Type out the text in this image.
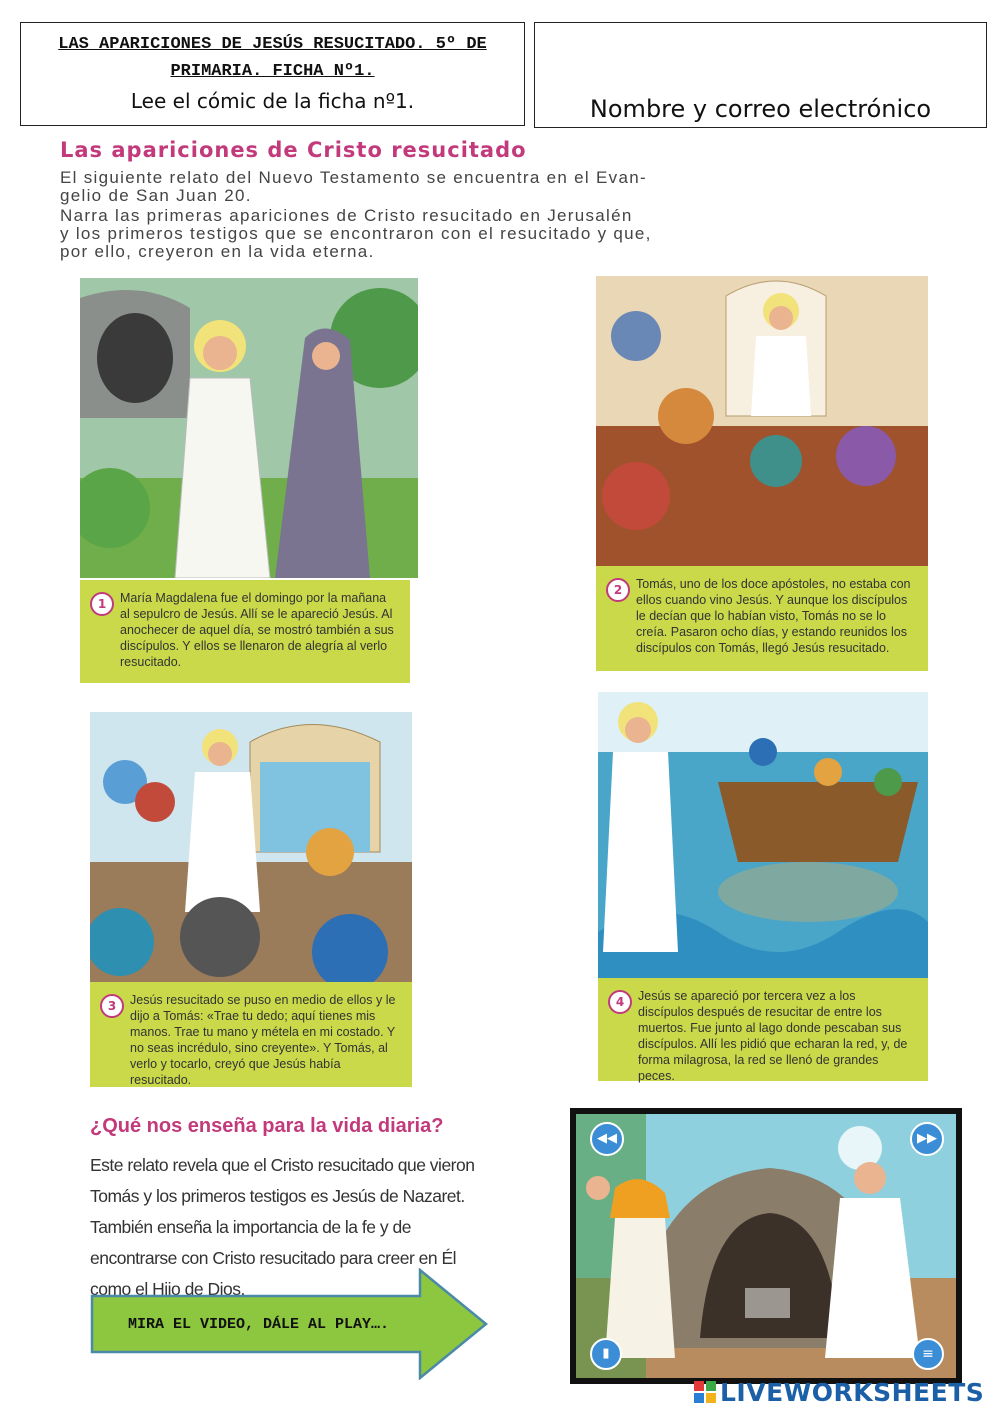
LAS APARICIONES DE JESÚS RESUCITADO. 5º DE PRIMARIA. FICHA Nº1.
Lee el cómic de la ficha nº1.	Nombre y correo electrónico
Las apariciones de Cristo resucitado
El siguiente relato del Nuevo Testamento se encuentra en el Evan-
gelio de San Juan 20.
Narra las primeras apariciones de Cristo resucitado en Jerusalén
y los primeros testigos que se encontraron con el resucitado y que,
por ello, creyeron en la vida eterna.
1	María Magdalena fue el domingo por la mañana al sepulcro de Jesús. Allí se le apareció Jesús. Al anochecer de aquel día, se mostró también a sus discípulos. Y ellos se llenaron de alegría al verlo resucitado.
2	Tomás, uno de los doce apóstoles, no estaba con ellos cuando vino Jesús. Y aunque los discípulos le decían que lo habían visto, Tomás no se lo creía. Pasaron ocho días, y estando reunidos los discípulos con Tomás, llegó Jesús resucitado.
3	Jesús resucitado se puso en medio de ellos y le dijo a Tomás: «Trae tu dedo; aquí tienes mis manos. Trae tu mano y métela en mi costado. Y no seas incrédulo, sino creyente». Y Tomás, al verlo y tocarlo, creyó que Jesús había resucitado.
4	Jesús se apareció por tercera vez a los discípulos después de resucitar de entre los muertos. Fue junto al lago donde pescaban sus discípulos. Allí les pidió que echaran la red, y, de forma milagrosa, la red se llenó de grandes peces.
¿Qué nos enseña para la vida diaria?
Este relato revela que el Cristo resucitado que vieron Tomás y los primeros testigos es Jesús de Nazaret. También enseña la importancia de la fe y de encontrarse con Cristo resucitado para creer en Él como el Hijo de Dios.
MIRA EL VIDEO, DÁLE AL PLAY….
◀◀	▶▶
▮	≡
LIVEWORKSHEETS
